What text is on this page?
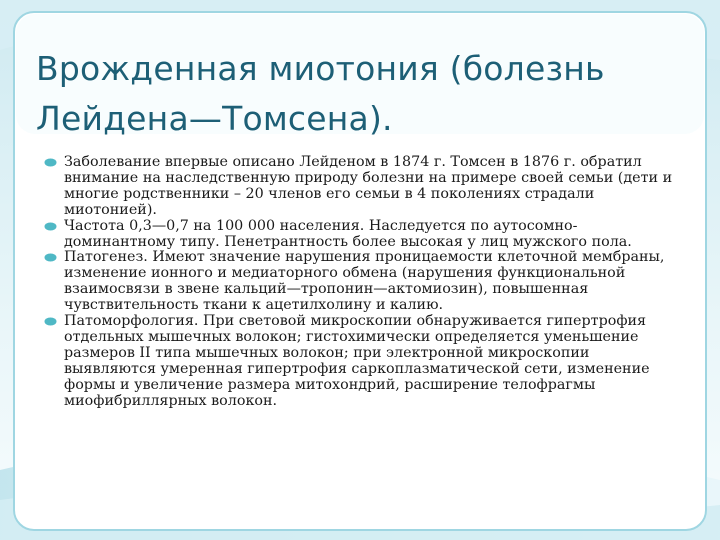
Врожденная миотония (болезнь Лейдена—Томсена).
Заболевание впервые описано Лейденом в 1874 г. Томсен в 1876 г. обратил внимание на наследственную природу болезни на примере своей семьи (дети и многие родственники – 20 членов его семьи в 4 поколениях страдали миотонией).
Частота 0,3—0,7 на 100 000 населения. Наследуется по аутосомно-доминантному типу. Пенетрантность более высокая у лиц мужского пола.
Патогенез. Имеют значение нарушения проницаемости клеточной мембраны, изменение ионного и медиаторного обмена (нарушения функциональной взаимосвязи в звене кальций—тропонин—актомиозин), повышенная чувствительность ткани к ацетилхолину и калию.
Патоморфология. При световой микроскопии обнаруживается гипертрофия отдельных мышечных волокон; гистохимически определяется уменьшение размеров II типа мышечных волокон; при электронной микроскопии выявляются умеренная гипертрофия саркоплазматической сети, изменение формы и увеличение размера митохондрий, расширение телофрагмы миофибриллярных волокон.
